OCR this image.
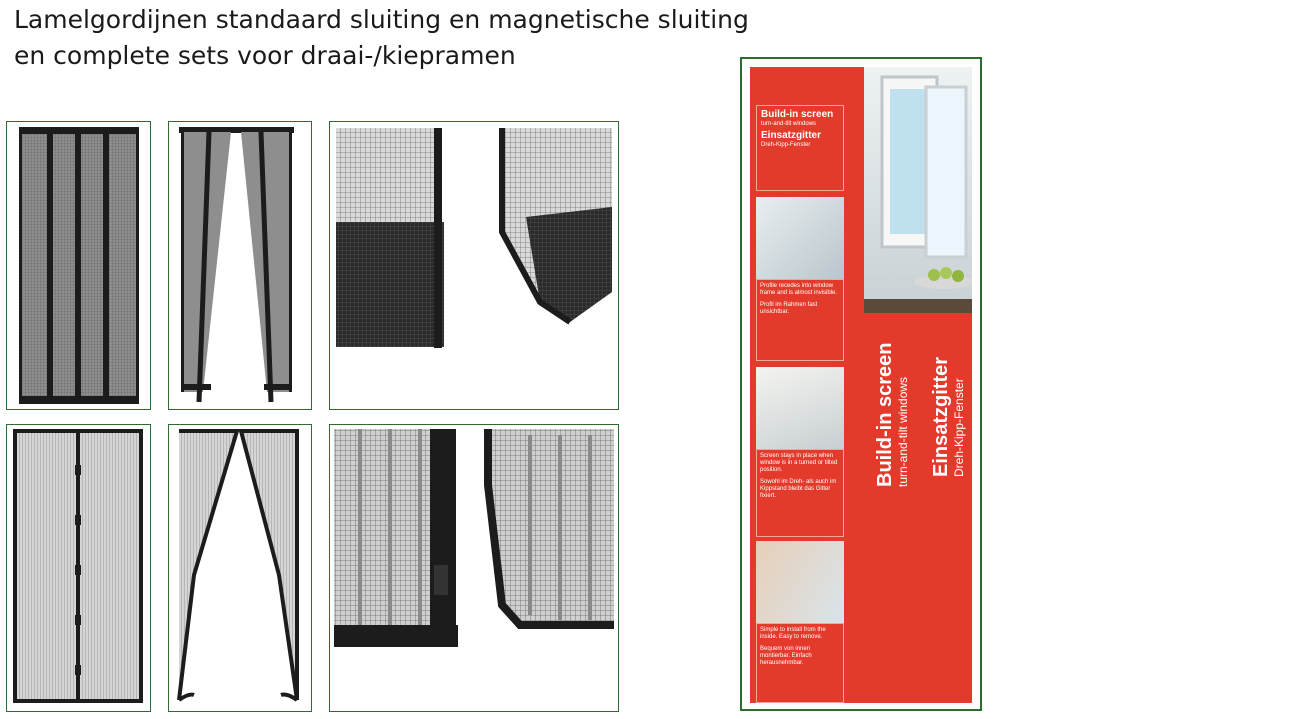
Lamelgordijnen standaard sluiting en magnetische sluiting
en complete sets voor draai-/kiepramen
Build-in screen
turn-and-tilt windows
Einsatzgitter
Dreh-Kipp-Fenster

Profile recedes into window frame and is almost invisible.

Profil im Rahmen fast unsichtbar.

Screen stays in place when window is in a turned or tilted position.

Sowohl im Dreh- als auch im Kippstand bleibt das Gitter fixiert.

Simple to install from the inside. Easy to remove.

Bequem von innen montierbar. Einfach herausnehmbar.

Build-in screen turn-and-tilt windows Einsatzgitter Dreh-Kipp-Fenster
